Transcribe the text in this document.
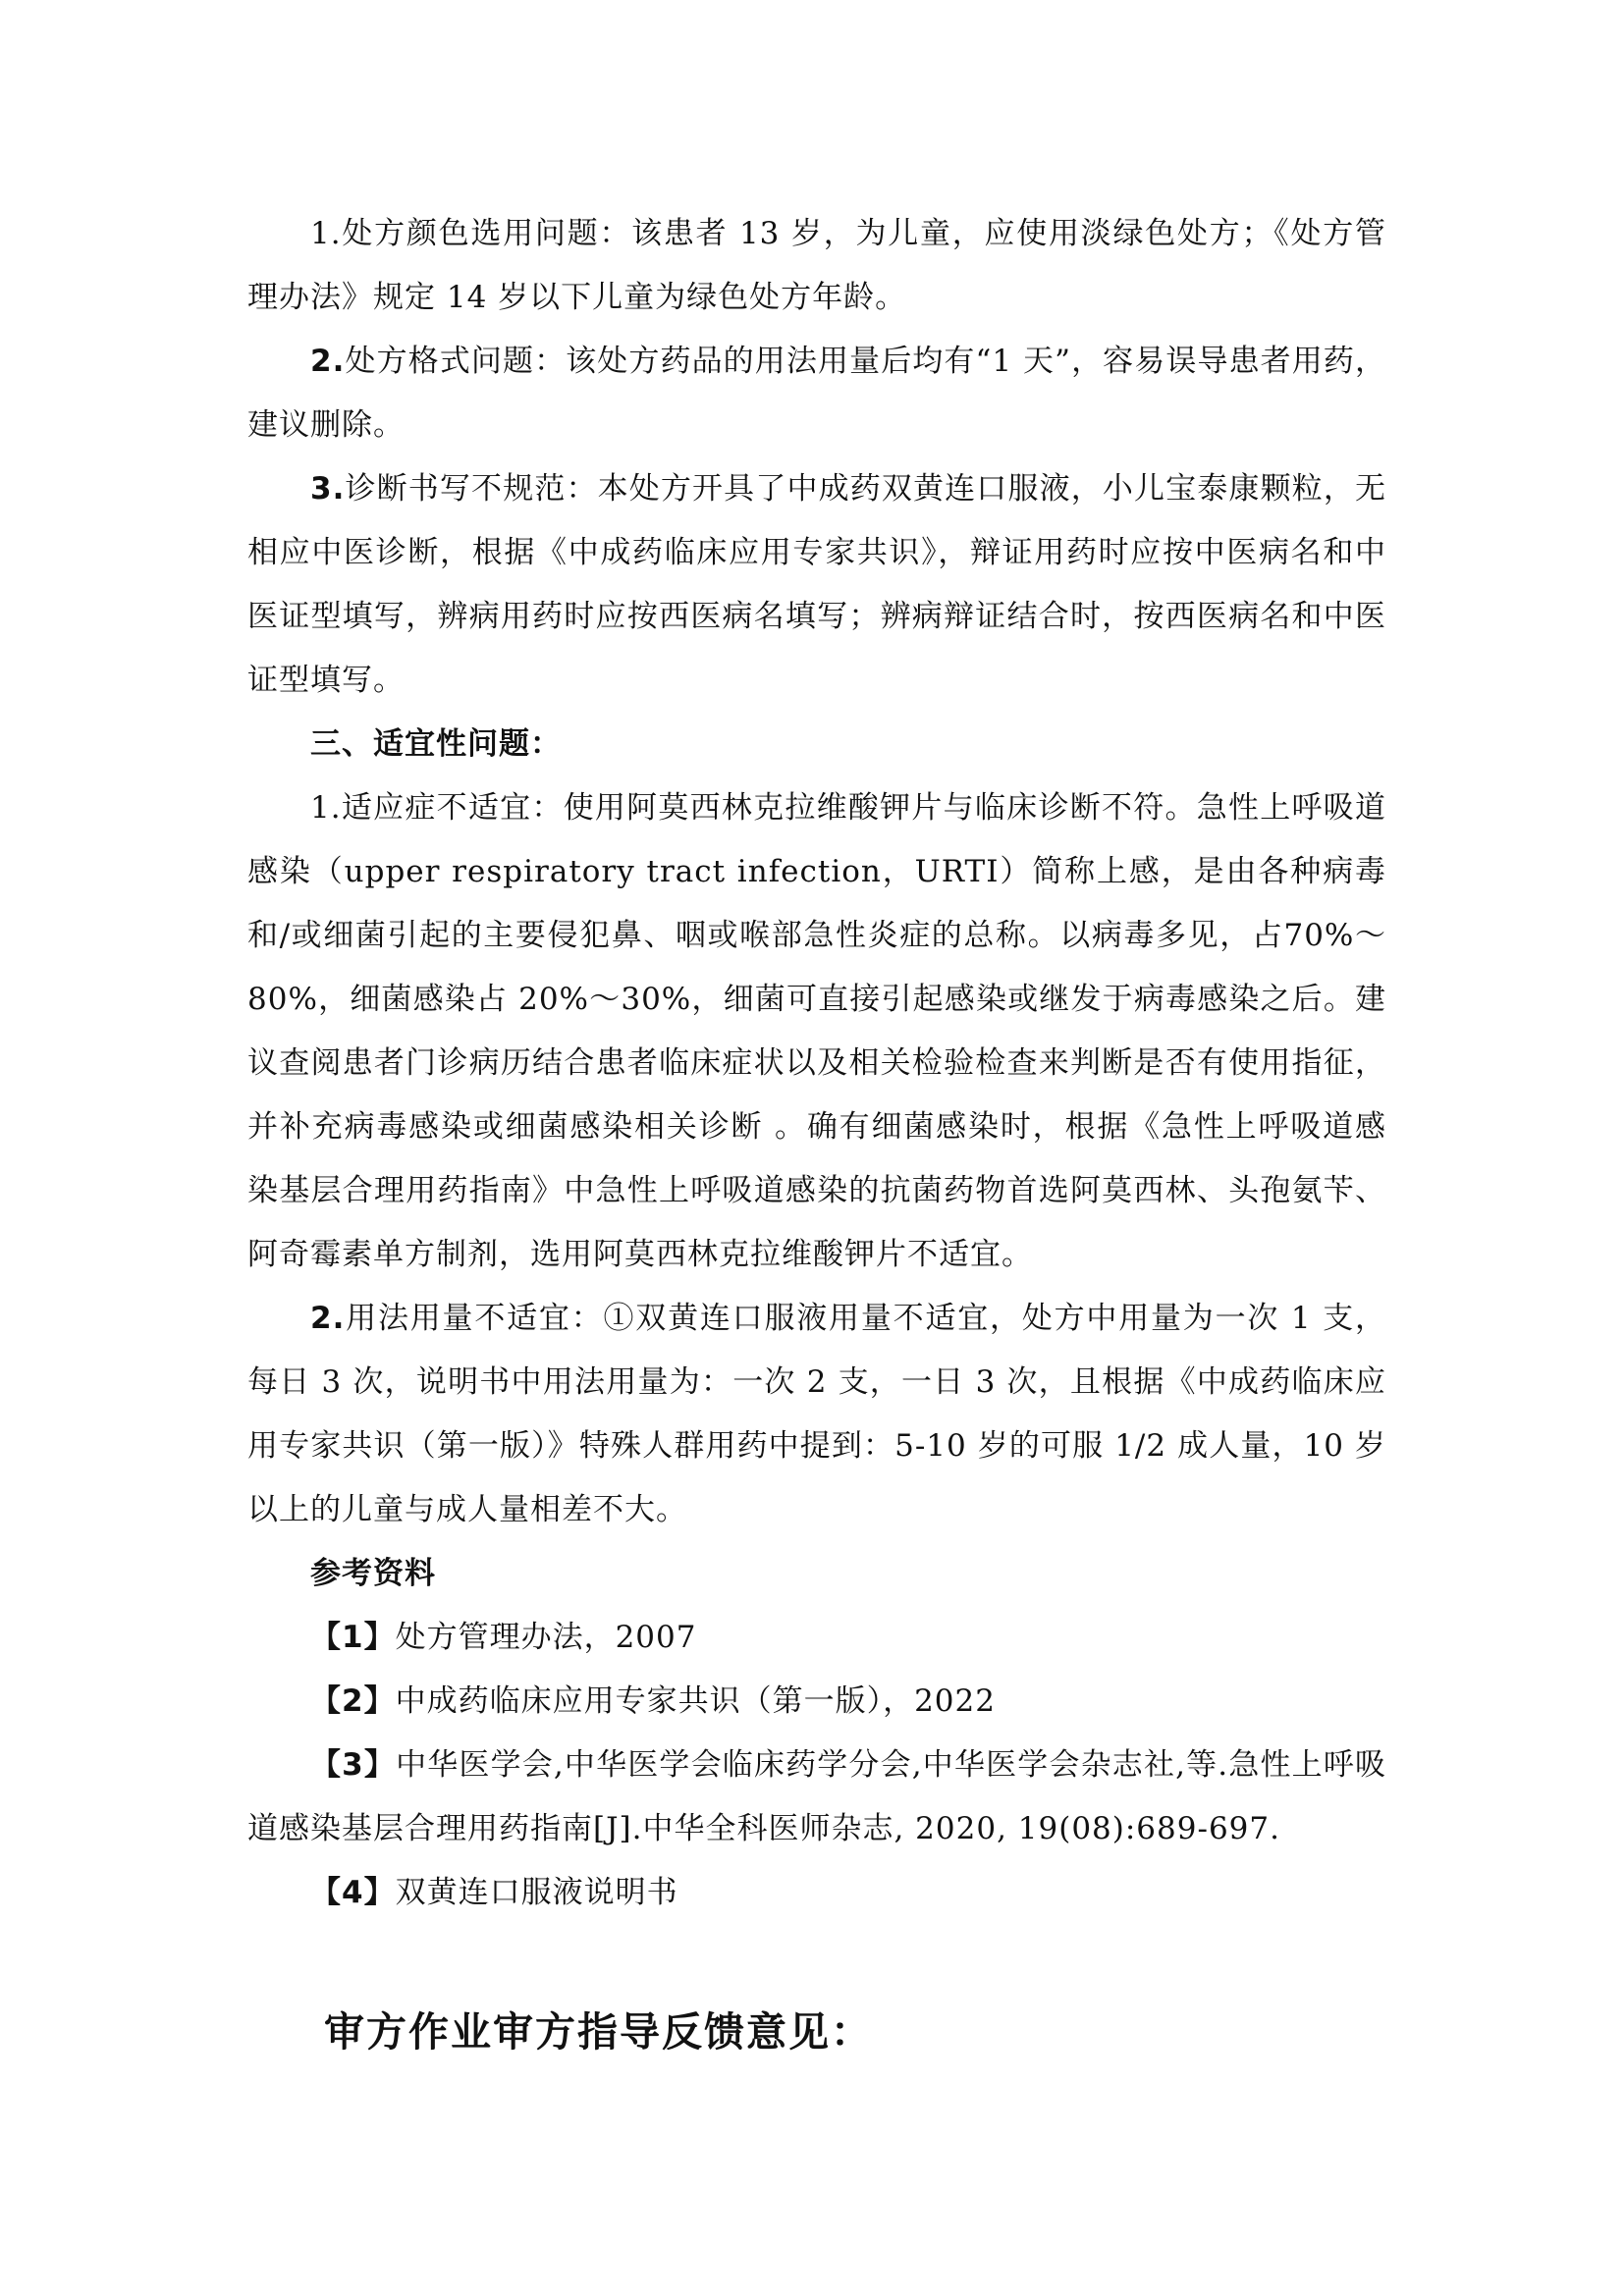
1.处方颜色选用问题：该患者 13 岁，为儿童，应使用淡绿色处方；《处方管理办法》规定 14 岁以下儿童为绿色处方年龄。

2.处方格式问题：该处方药品的用法用量后均有“1 天”，容易误导患者用药，建议删除。

3.诊断书写不规范：本处方开具了中成药双黄连口服液，小儿宝泰康颗粒，无相应中医诊断，根据《中成药临床应用专家共识》，辩证用药时应按中医病名和中医证型填写，辨病用药时应按西医病名填写；辨病辩证结合时，按西医病名和中医证型填写。

三、适宜性问题：

1.适应症不适宜：使用阿莫西林克拉维酸钾片与临床诊断不符。急性上呼吸道感染（upper respiratory tract infection，URTI）简称上感，是由各种病毒和/或细菌引起的主要侵犯鼻、咽或喉部急性炎症的总称。以病毒多见，占70%～80%，细菌感染占 20%～30%，细菌可直接引起感染或继发于病毒感染之后。建议查阅患者门诊病历结合患者临床症状以及相关检验检查来判断是否有使用指征，并补充病毒感染或细菌感染相关诊断 。确有细菌感染时，根据《急性上呼吸道感染基层合理用药指南》中急性上呼吸道感染的抗菌药物首选阿莫西林、头孢氨苄、阿奇霉素单方制剂，选用阿莫西林克拉维酸钾片不适宜。

2.用法用量不适宜：①双黄连口服液用量不适宜，处方中用量为一次 1 支，每日 3 次，说明书中用法用量为：一次 2 支，一日 3 次，且根据《中成药临床应用专家共识（第一版）》特殊人群用药中提到：5-10 岁的可服 1/2 成人量，10 岁以上的儿童与成人量相差不大。

参考资料

【1】处方管理办法，2007

【2】中成药临床应用专家共识（第一版），2022

【3】中华医学会,中华医学会临床药学分会,中华医学会杂志社,等.急性上呼吸道感染基层合理用药指南[J].中华全科医师杂志, 2020, 19(08):689-697.

【4】双黄连口服液说明书

审方作业审方指导反馈意见：
